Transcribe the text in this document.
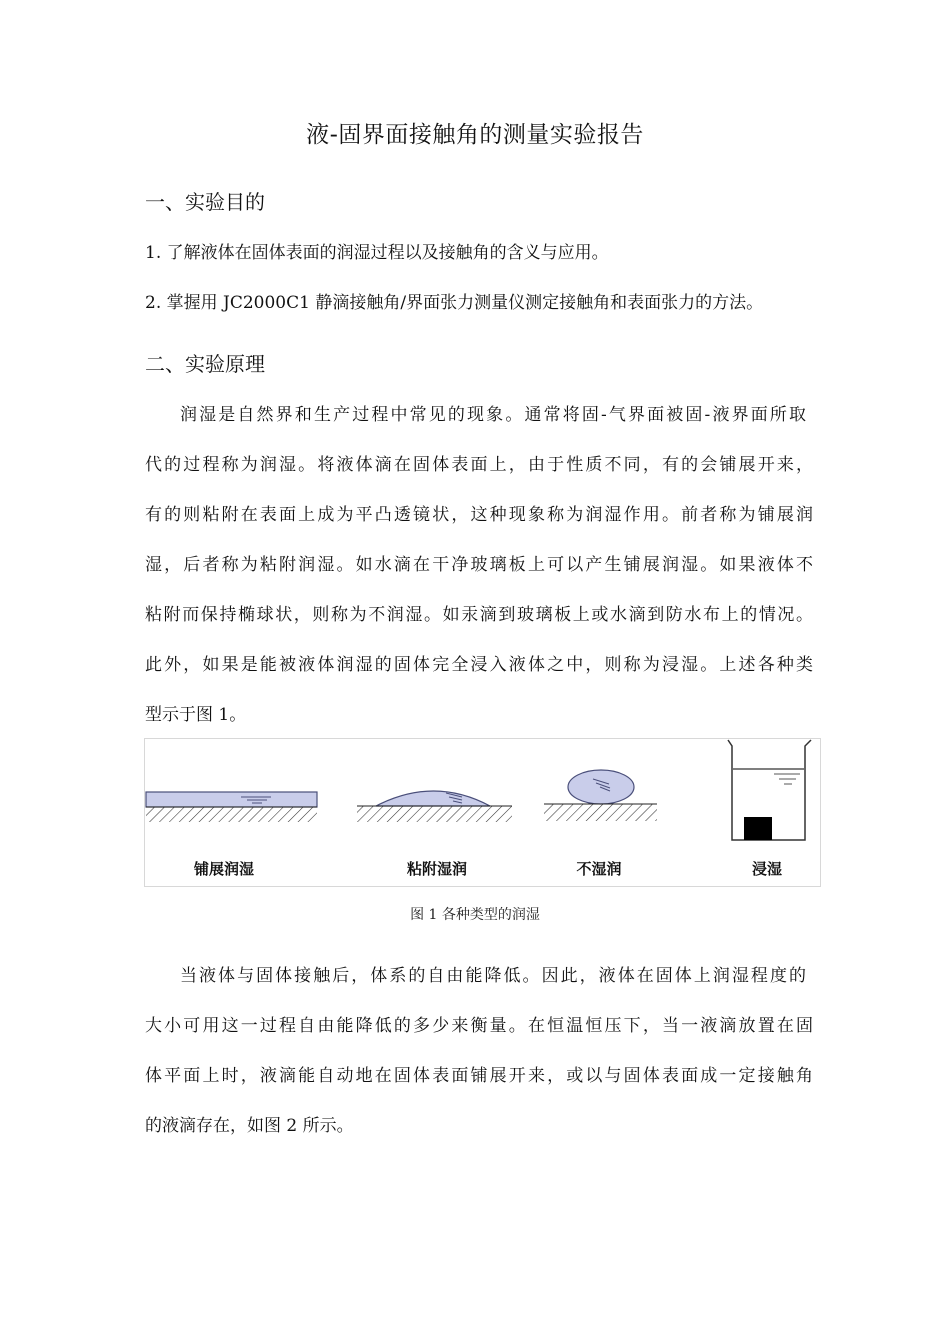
液-固界面接触角的测量实验报告
一、实验目的
1. 了解液体在固体表面的润湿过程以及接触角的含义与应用。
2. 掌握用 JC2000C1 静滴接触角/界面张力测量仪测定接触角和表面张力的方法。
二、实验原理
润湿是自然界和生产过程中常见的现象。通常将固-气界面被固-液界面所取
代的过程称为润湿。将液体滴在固体表面上，由于性质不同，有的会铺展开来，
有的则粘附在表面上成为平凸透镜状，这种现象称为润湿作用。前者称为铺展润
湿，后者称为粘附润湿。如水滴在干净玻璃板上可以产生铺展润湿。如果液体不
粘附而保持椭球状，则称为不润湿。如汞滴到玻璃板上或水滴到防水布上的情况。
此外，如果是能被液体润湿的固体完全浸入液体之中，则称为浸湿。上述各种类
型示于图 1。
铺展润湿	粘附湿润	不湿润	浸湿
图 1 各种类型的润湿
当液体与固体接触后，体系的自由能降低。因此，液体在固体上润湿程度的
大小可用这一过程自由能降低的多少来衡量。在恒温恒压下，当一液滴放置在固
体平面上时，液滴能自动地在固体表面铺展开来，或以与固体表面成一定接触角
的液滴存在，如图 2 所示。
